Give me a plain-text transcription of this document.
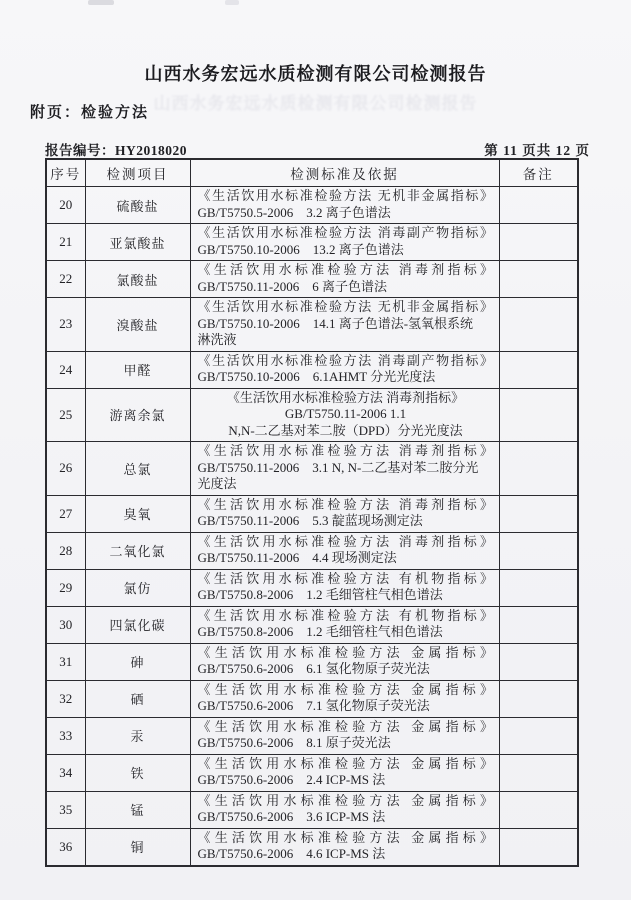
山西水务宏远水质检测有限公司检测报告
山西水务宏远水质检测有限公司检测报告
附页：检验方法
报告编号：HY2018020	第 11 页共 12 页
序号	检测项目	检测标准及依据	备注
20	硫酸盐	《生活饮用水标准检验方法 无机非金属指标》
GB/T5750.5-2006　3.2 离子色谱法	

21	亚氯酸盐	《生活饮用水标准检验方法 消毒副产物指标》
GB/T5750.10-2006　13.2 离子色谱法	

22	氯酸盐	《生活饮用水标准检验方法 消毒剂指标》
GB/T5750.11-2006　6 离子色谱法	

23	溴酸盐	《生活饮用水标准检验方法 无机非金属指标》
GB/T5750.10-2006　14.1 离子色谱法-氢氧根系统
淋洗液	

24	甲醛	《生活饮用水标准检验方法 消毒副产物指标》
GB/T5750.10-2006　6.1AHMT 分光光度法	

25	游离余氯	《生活饮用水标准检验方法 消毒剂指标》
GB/T5750.11-2006 1.1
N,N-二乙基对苯二胺（DPD）分光光度法	

26	总氯	《生活饮用水标准检验方法 消毒剂指标》
GB/T5750.11-2006　3.1 N, N-二乙基对苯二胺分光
光度法	

27	臭氧	《生活饮用水标准检验方法 消毒剂指标》
GB/T5750.11-2006　5.3 靛蓝现场测定法	

28	二氧化氯	《生活饮用水标准检验方法 消毒剂指标》
GB/T5750.11-2006　4.4 现场测定法	

29	氯仿	《生活饮用水标准检验方法 有机物指标》
GB/T5750.8-2006　1.2 毛细管柱气相色谱法	

30	四氯化碳	《生活饮用水标准检验方法 有机物指标》
GB/T5750.8-2006　1.2 毛细管柱气相色谱法	

31	砷	《生活饮用水标准检验方法 金属指标》
GB/T5750.6-2006　6.1 氢化物原子荧光法	

32	硒	《生活饮用水标准检验方法 金属指标》
GB/T5750.6-2006　7.1 氢化物原子荧光法	

33	汞	《生活饮用水标准检验方法 金属指标》
GB/T5750.6-2006　8.1 原子荧光法	

34	铁	《生活饮用水标准检验方法 金属指标》
GB/T5750.6-2006　2.4 ICP-MS 法	

35	锰	《生活饮用水标准检验方法 金属指标》
GB/T5750.6-2006　3.6 ICP-MS 法	

36	铜	《生活饮用水标准检验方法 金属指标》
GB/T5750.6-2006　4.6 ICP-MS 法	
